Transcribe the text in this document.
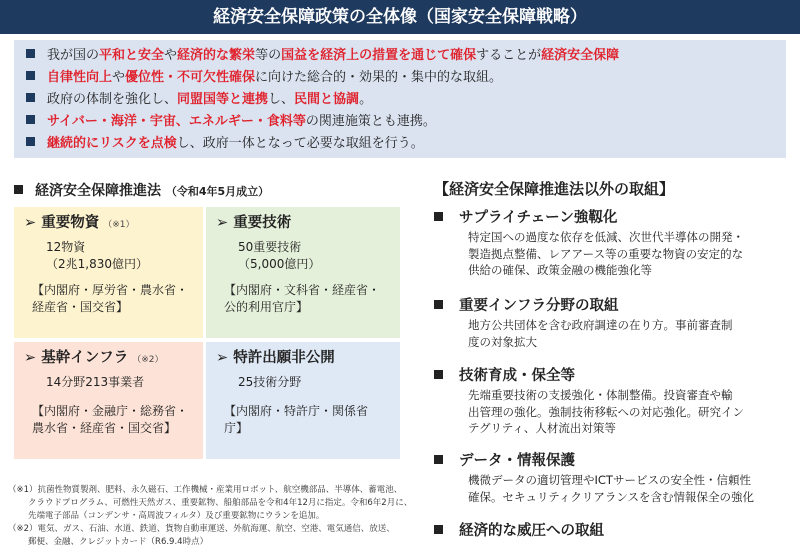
経済安全保障政策の全体像（国家安全保障戦略）
我が国の平和と安全や経済的な繁栄等の国益を経済上の措置を通じて確保することが経済安全保障
自律性向上や優位性・不可欠性確保に向けた総合的・効果的・集中的な取組。
政府の体制を強化し、同盟国等と連携し、民間と協調。
サイバー・海洋・宇宙、エネルギー・食料等の関連施策とも連携。
継続的にリスクを点検し、政府一体となって必要な取組を行う。
経済安全保障推進法 （令和4年5月成立）
➢ 重要物資 （※1）
12物資
（2兆1,830億円）
【内閣府・厚労省・農水省・
経産省・国交省】
➢ 重要技術
50重要技術
（5,000億円）
【内閣府・文科省・経産省・
公的利用官庁】
➢ 基幹インフラ （※2）
14分野213事業者
【内閣府・金融庁・総務省・
農水省・経産省・国交省】
➢ 特許出願非公開
25技術分野
【内閣府・特許庁・関係省
庁】
（※1）抗菌性物質製剤、肥料、永久磁石、工作機械・産業用ロボット、航空機部品、半導体、蓄電池、
クラウドプログラム、可燃性天然ガス、重要鉱物、船舶部品を令和4年12月に指定。令和6年2月に、
先端電子部品（コンデンサ・高周波フィルタ）及び重要鉱物にウランを追加。
（※2）電気、ガス、石油、水道、鉄道、貨物自動車運送、外航海運、航空、空港、電気通信、放送、
郵便、金融、クレジットカード（R6.9.4時点）
【経済安全保障推進法以外の取組】
サプライチェーン強靱化
特定国への過度な依存を低減、次世代半導体の開発・
製造拠点整備、レアアース等の重要な物資の安定的な
供給の確保、政策金融の機能強化等
重要インフラ分野の取組
地方公共団体を含む政府調達の在り方。事前審査制
度の対象拡大
技術育成・保全等
先端重要技術の支援強化・体制整備。投資審査や輸
出管理の強化。強制技術移転への対応強化。研究イン
テグリティ、人材流出対策等
データ・情報保護
機微データの適切管理やICTサービスの安全性・信頼性
確保。セキュリティクリアランスを含む情報保全の強化
経済的な威圧への取組
